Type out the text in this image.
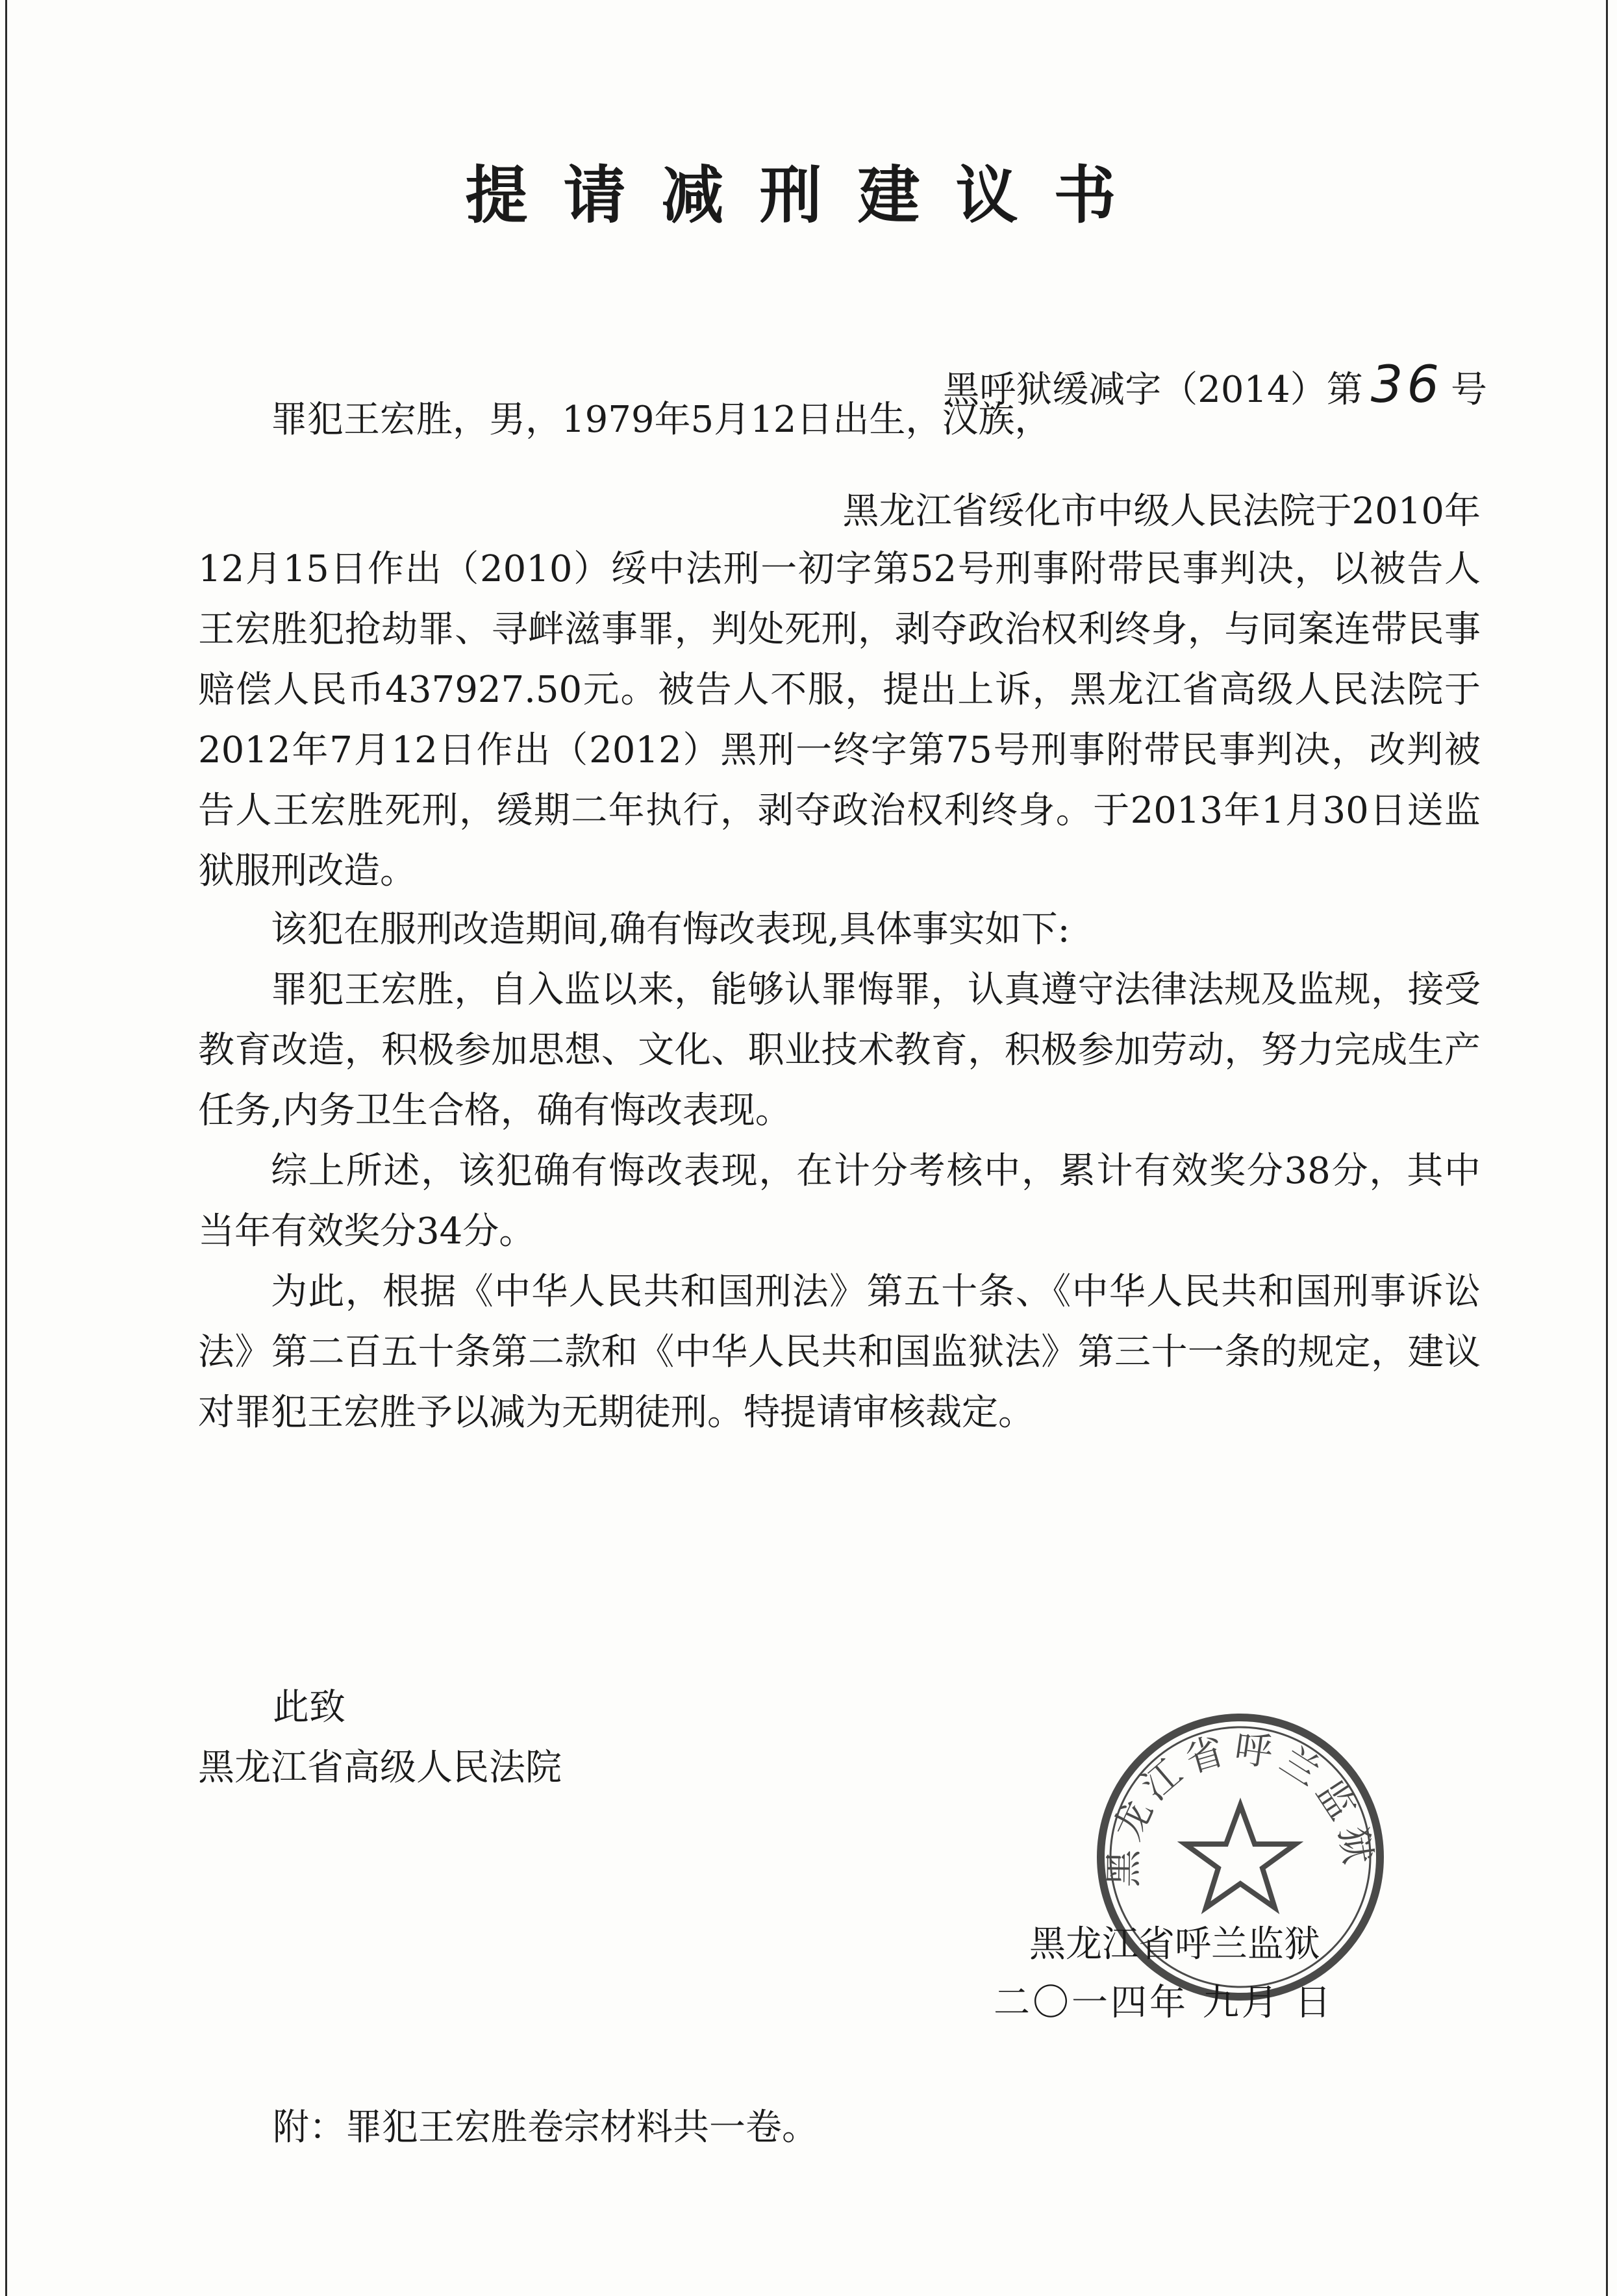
提请减刑建议书
黑呼狱缓减字（2014）第 36 号
罪犯王宏胜，男，1979年5月12日出生，汉族，
黑龙江省绥化市中级人民法院于2010年
12月15日作出（2010）绥中法刑一初字第52号刑事附带民事判决，以被告人王宏胜犯抢劫罪、寻衅滋事罪，判处死刑，剥夺政治权利终身，与同案连带民事赔偿人民币437927.50元。被告人不服，提出上诉，黑龙江省高级人民法院于2012年7月12日作出（2012）黑刑一终字第75号刑事附带民事判决，改判被告人王宏胜死刑，缓期二年执行，剥夺政治权利终身。于2013年1月30日送监狱服刑改造。
该犯在服刑改造期间,确有悔改表现,具体事实如下:
罪犯王宏胜，自入监以来，能够认罪悔罪，认真遵守法律法规及监规，接受教育改造，积极参加思想、文化、职业技术教育，积极参加劳动，努力完成生产任务,内务卫生合格，确有悔改表现。
综上所述，该犯确有悔改表现，在计分考核中，累计有效奖分38分，其中当年有效奖分34分。
为此，根据《中华人民共和国刑法》第五十条、《中华人民共和国刑事诉讼法》第二百五十条第二款和《中华人民共和国监狱法》第三十一条的规定，建议对罪犯王宏胜予以减为无期徒刑。特提请审核裁定。
此致
黑龙江省高级人民法院
黑龙江省呼兰监狱
黑龙江省呼兰监狱
二〇一四年 九月 日
附：罪犯王宏胜卷宗材料共一卷。
